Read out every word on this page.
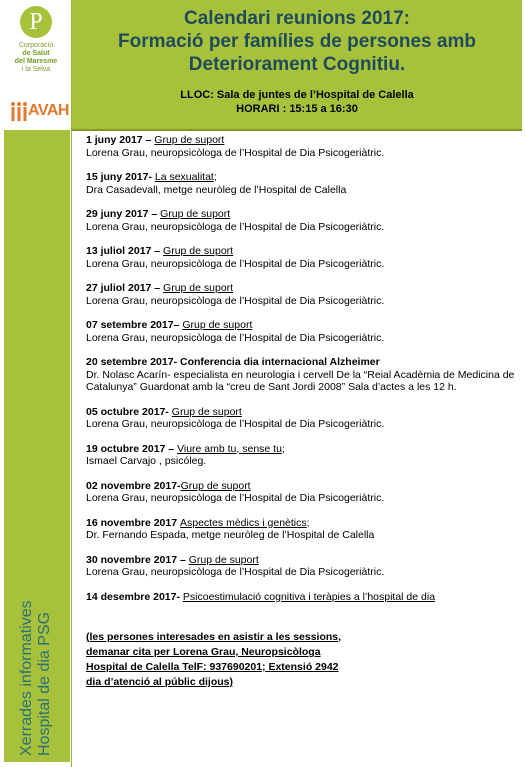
P
Corporació
de Salut
del Maresme
i la Selva
AVAH
Xerrades informatives Hospital de dia PSG

Calendari reunions 2017:

Formació per famílies de persones amb

Deteriorament Cognitiu.

LLOC: Sala de juntes de l’Hospital de Calella
HORARI : 15:15 a 16:30
1 juny 2017 – Grup de suport
Lorena Grau, neuropsicòloga de l’Hospital de Dia Psicogeriàtric.
15 juny 2017- La sexualitat;
Dra Casadevall, metge neuròleg de l’Hospital de Calella
29 juny 2017 – Grup de suport
Lorena Grau, neuropsicòloga de l’Hospital de Dia Psicogeriàtric.
13 juliol 2017 – Grup de suport
Lorena Grau, neuropsicòloga de l’Hospital de Dia Psicogeriàtric.
27 juliol 2017 – Grup de suport
Lorena Grau, neuropsicòloga de l’Hospital de Dia Psicogeriàtric.
07 setembre 2017– Grup de suport
Lorena Grau, neuropsicòloga de l’Hospital de Dia Psicogeriàtric.
20 setembre 2017- Conferencia dia internacional Alzheimer
Dr. Nolasc Acarín- especialista en neurologia i cervell De la “Reial Acadèmia de Medicina de Catalunya” Guardonat amb la “creu de Sant Jordi 2008” Sala d’actes a les 12 h.
05 octubre 2017- Grup de suport
Lorena Grau, neuropsicòloga de l’Hospital de Dia Psicogeriàtric.
19 octubre 2017 – Viure amb tu, sense tu;
Ismael Carvajo , psicóleg.
02 novembre 2017-Grup de suport
Lorena Grau, neuropsicòloga de l’Hospital de Dia Psicogeriàtric.
16 novembre 2017 Aspectes mèdics i genètics;
Dr. Fernando Espada, metge neuròleg de l’Hospital de Calella
30 novembre 2017 – Grup de suport
Lorena Grau, neuropsicòloga de l’Hospital de Dia Psicogeriàtric.
14 desembre 2017- Psicoestimulació cognitiva i teràpies a l’hospital de dia
(les persones interesades en asistir a les sessions,
demanar cita per Lorena Grau, Neuropsicòloga
Hospital de Calella TelF: 937690201; Extensió 2942
dia d’atenció al públic dijous)
